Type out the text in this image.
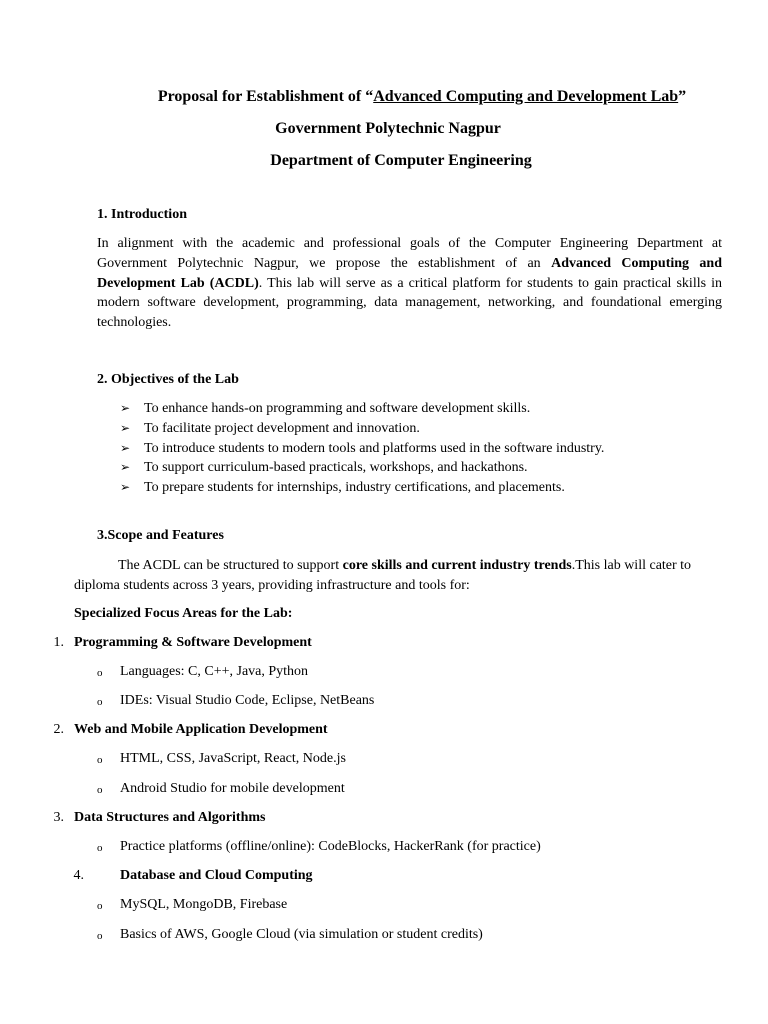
Proposal for Establishment of “Advanced Computing and Development Lab”
Government Polytechnic Nagpur
Department of Computer Engineering
1. Introduction
In alignment with the academic and professional goals of the Computer Engineering Department at Government Polytechnic Nagpur, we propose the establishment of an Advanced Computing and Development Lab (ACDL). This lab will serve as a critical platform for students to gain practical skills in modern software development, programming, data management, networking, and foundational emerging technologies.
2. Objectives of the Lab
➢ To enhance hands-on programming and software development skills.
➢ To facilitate project development and innovation.
➢ To introduce students to modern tools and platforms used in the software industry.
➢ To support curriculum-based practicals, workshops, and hackathons.
➢ To prepare students for internships, industry certifications, and placements.
3.Scope and Features
The ACDL can be structured to support core skills and current industry trends.This lab will cater to diploma students across 3 years, providing infrastructure and tools for:
Specialized Focus Areas for the Lab:
1. Programming & Software Development
o Languages: C, C++, Java, Python
o IDEs: Visual Studio Code, Eclipse, NetBeans
2. Web and Mobile Application Development
o HTML, CSS, JavaScript, React, Node.js
o Android Studio for mobile development
3. Data Structures and Algorithms
o Practice platforms (offline/online): CodeBlocks, HackerRank (for practice)
4.	Database and Cloud Computing
o MySQL, MongoDB, Firebase
o Basics of AWS, Google Cloud (via simulation or student credits)
